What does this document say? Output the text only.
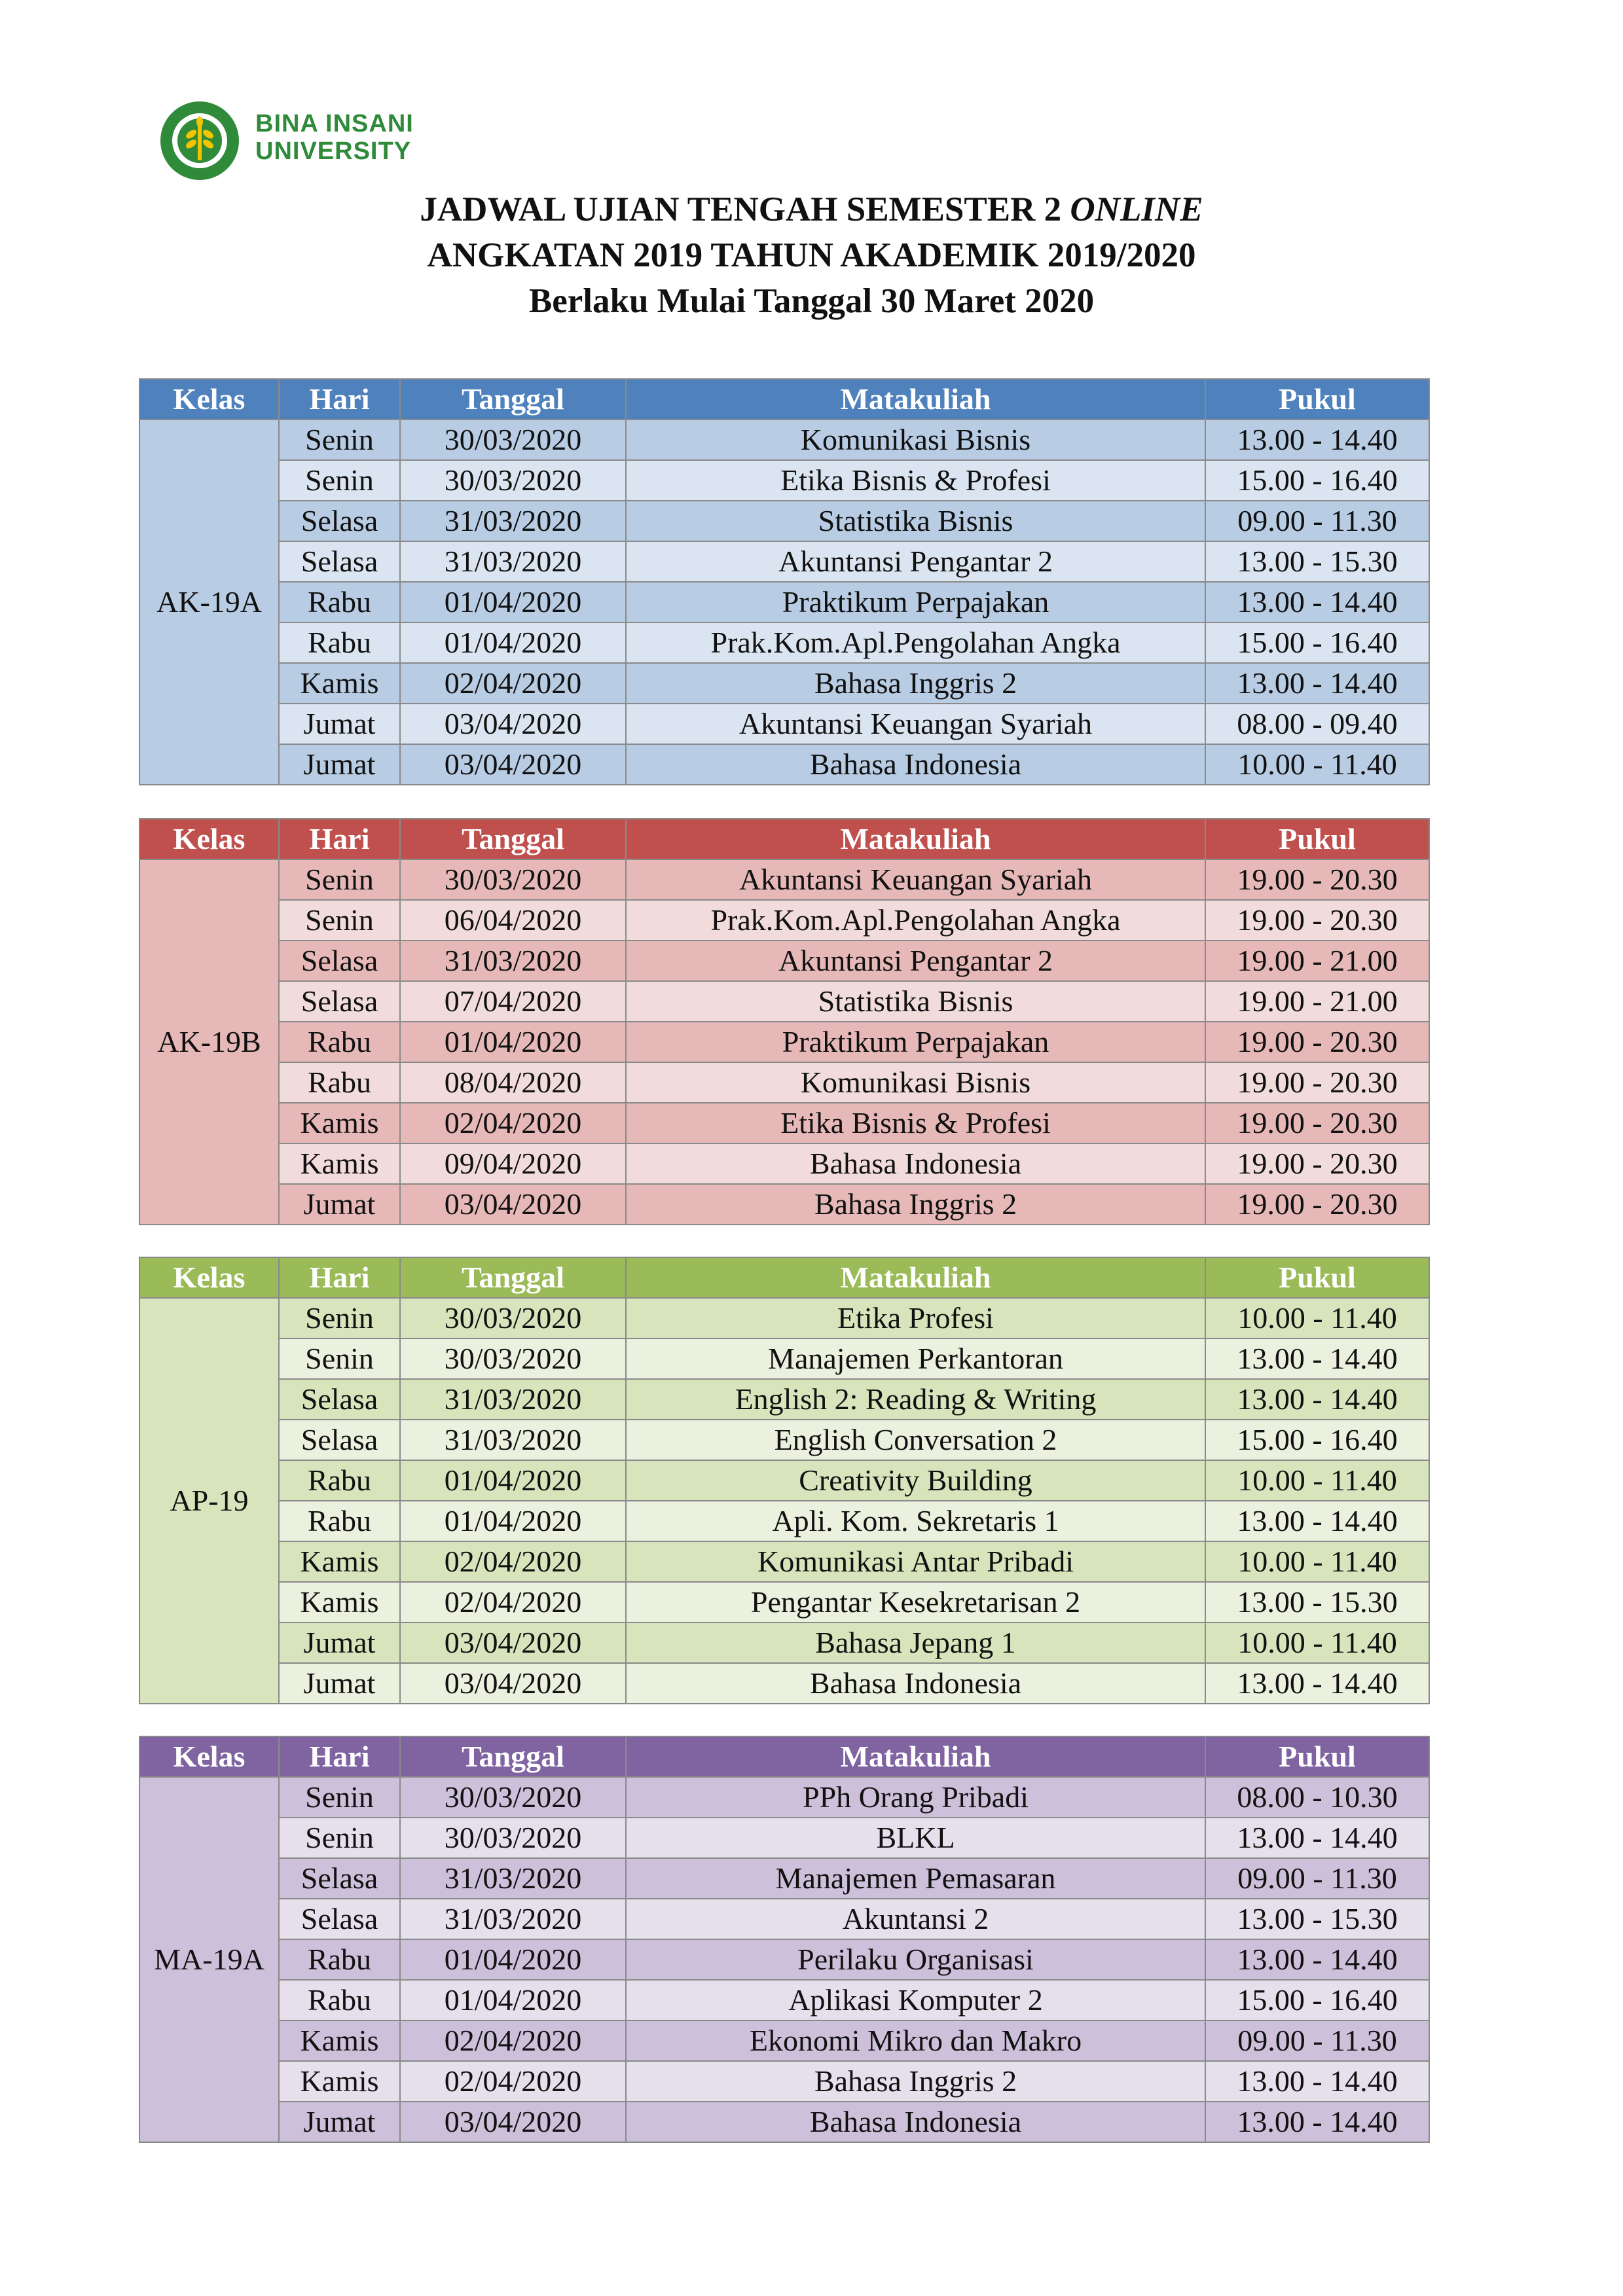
BINA INSANI
UNIVERSITY
JADWAL UJIAN TENGAH SEMESTER 2 ONLINE
ANGKATAN 2019 TAHUN AKADEMIK 2019/2020
Berlaku Mulai Tanggal 30 Maret 2020
Kelas	Hari	Tanggal	Matakuliah	Pukul
AK-19A	Senin	30/03/2020	Komunikasi Bisnis	13.00 - 14.40
	Senin	30/03/2020	Etika Bisnis & Profesi	15.00 - 16.40
	Selasa	31/03/2020	Statistika Bisnis	09.00 - 11.30
	Selasa	31/03/2020	Akuntansi Pengantar 2	13.00 - 15.30
	Rabu	01/04/2020	Praktikum Perpajakan	13.00 - 14.40
	Rabu	01/04/2020	Prak.Kom.Apl.Pengolahan Angka	15.00 - 16.40
	Kamis	02/04/2020	Bahasa Inggris 2	13.00 - 14.40
	Jumat	03/04/2020	Akuntansi Keuangan Syariah	08.00 - 09.40
	Jumat	03/04/2020	Bahasa Indonesia	10.00 - 11.40
Kelas	Hari	Tanggal	Matakuliah	Pukul
AK-19B	Senin	30/03/2020	Akuntansi Keuangan Syariah	19.00 - 20.30
	Senin	06/04/2020	Prak.Kom.Apl.Pengolahan Angka	19.00 - 20.30
	Selasa	31/03/2020	Akuntansi Pengantar 2	19.00 - 21.00
	Selasa	07/04/2020	Statistika Bisnis	19.00 - 21.00
	Rabu	01/04/2020	Praktikum Perpajakan	19.00 - 20.30
	Rabu	08/04/2020	Komunikasi Bisnis	19.00 - 20.30
	Kamis	02/04/2020	Etika Bisnis & Profesi	19.00 - 20.30
	Kamis	09/04/2020	Bahasa Indonesia	19.00 - 20.30
	Jumat	03/04/2020	Bahasa Inggris 2	19.00 - 20.30
Kelas	Hari	Tanggal	Matakuliah	Pukul
AP-19	Senin	30/03/2020	Etika Profesi	10.00 - 11.40
	Senin	30/03/2020	Manajemen Perkantoran	13.00 - 14.40
	Selasa	31/03/2020	English 2: Reading & Writing	13.00 - 14.40
	Selasa	31/03/2020	English Conversation 2	15.00 - 16.40
	Rabu	01/04/2020	Creativity Building	10.00 - 11.40
	Rabu	01/04/2020	Apli. Kom. Sekretaris 1	13.00 - 14.40
	Kamis	02/04/2020	Komunikasi Antar Pribadi	10.00 - 11.40
	Kamis	02/04/2020	Pengantar Kesekretarisan 2	13.00 - 15.30
	Jumat	03/04/2020	Bahasa Jepang 1	10.00 - 11.40
	Jumat	03/04/2020	Bahasa Indonesia	13.00 - 14.40
Kelas	Hari	Tanggal	Matakuliah	Pukul
MA-19A	Senin	30/03/2020	PPh Orang Pribadi	08.00 - 10.30
	Senin	30/03/2020	BLKL	13.00 - 14.40
	Selasa	31/03/2020	Manajemen Pemasaran	09.00 - 11.30
	Selasa	31/03/2020	Akuntansi 2	13.00 - 15.30
	Rabu	01/04/2020	Perilaku Organisasi	13.00 - 14.40
	Rabu	01/04/2020	Aplikasi Komputer 2	15.00 - 16.40
	Kamis	02/04/2020	Ekonomi Mikro dan Makro	09.00 - 11.30
	Kamis	02/04/2020	Bahasa Inggris 2	13.00 - 14.40
	Jumat	03/04/2020	Bahasa Indonesia	13.00 - 14.40
